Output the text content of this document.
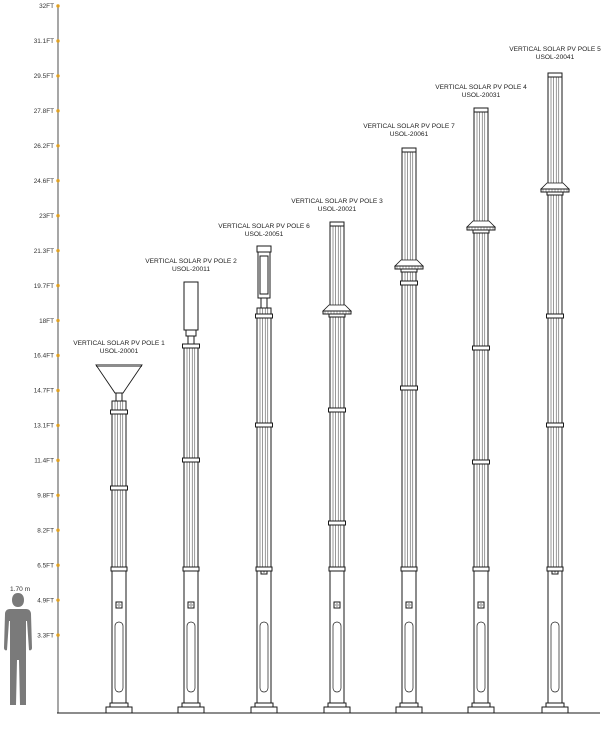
32FT
31.1FT
29.5FT
27.8FT
26.2FT
24.6FT
23FT
21.3FT
19.7FT
18FT
16.4FT
14.7FT
13.1FT
11.4FT
9.8FT
8.2FT
6.5FT
4.9FT
3.3FT
1.70 m
VERTICAL SOLAR PV POLE 1
USOL-20001
VERTICAL SOLAR PV POLE 2
USOL-20011
VERTICAL SOLAR PV POLE 6
USOL-20051
VERTICAL SOLAR PV POLE 3
USOL-20021
VERTICAL SOLAR PV POLE 7
USOL-20061
VERTICAL SOLAR PV POLE 4
USOL-20031
VERTICAL SOLAR PV POLE 5
USOL-20041
